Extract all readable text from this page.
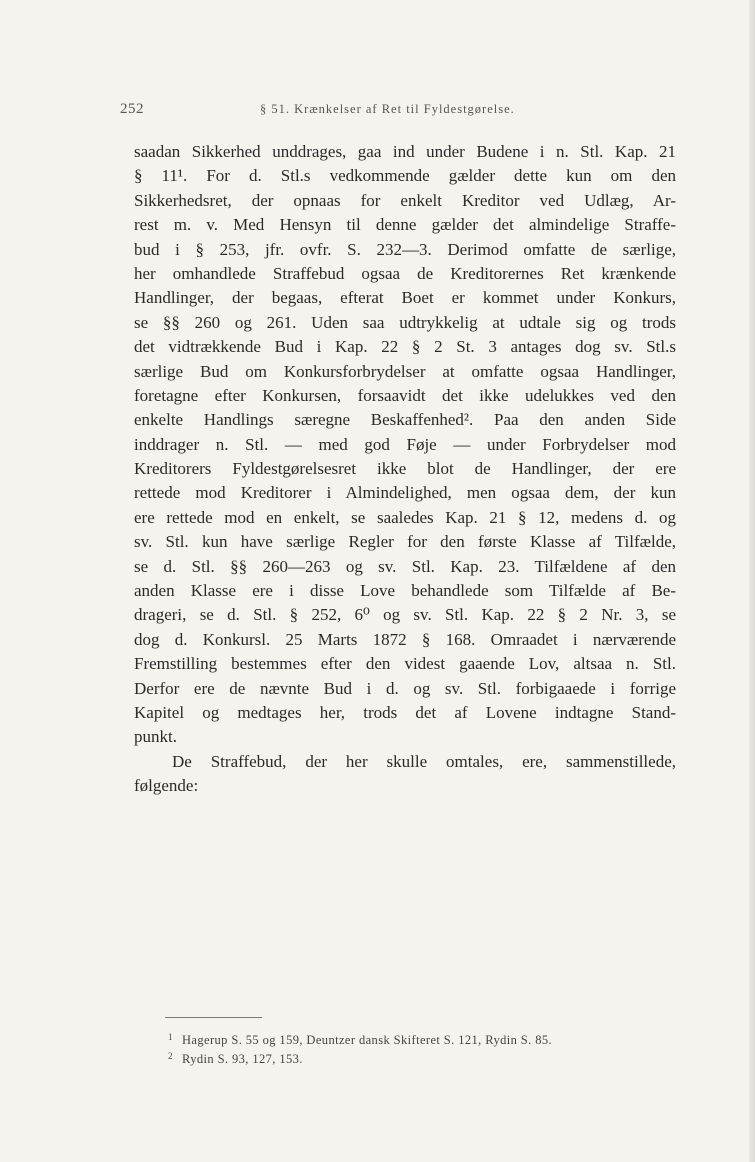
252	§ 51. Krænkelser af Ret til Fyldestgørelse.
saadan Sikkerhed unddrages, gaa ind under Budene i n. Stl. Kap. 21
§ 11¹. For d. Stl.s vedkommende gælder dette kun om den
Sikkerhedsret, der opnaas for enkelt Kreditor ved Udlæg, Ar-
rest m. v. Med Hensyn til denne gælder det almindelige Straffe-
bud i § 253, jfr. ovfr. S. 232—3. Derimod omfatte de særlige,
her omhandlede Straffebud ogsaa de Kreditorernes Ret krænkende
Handlinger, der begaas, efterat Boet er kommet under Konkurs,
se §§ 260 og 261. Uden saa udtrykkelig at udtale sig og trods
det vidtrækkende Bud i Kap. 22 § 2 St. 3 antages dog sv. Stl.s
særlige Bud om Konkursforbrydelser at omfatte ogsaa Handlinger,
foretagne efter Konkursen, forsaavidt det ikke udelukkes ved den
enkelte Handlings særegne Beskaffenhed². Paa den anden Side
inddrager n. Stl. — med god Føje — under Forbrydelser mod
Kreditorers Fyldestgørelsesret ikke blot de Handlinger, der ere
rettede mod Kreditorer i Almindelighed, men ogsaa dem, der kun
ere rettede mod en enkelt, se saaledes Kap. 21 § 12, medens d. og
sv. Stl. kun have særlige Regler for den første Klasse af Tilfælde,
se d. Stl. §§ 260—263 og sv. Stl. Kap. 23. Tilfældene af den
anden Klasse ere i disse Love behandlede som Tilfælde af Be-
drageri, se d. Stl. § 252, 6⁰ og sv. Stl. Kap. 22 § 2 Nr. 3, se
dog d. Konkursl. 25 Marts 1872 § 168. Omraadet i nærværende
Fremstilling bestemmes efter den videst gaaende Lov, altsaa n. Stl.
Derfor ere de nævnte Bud i d. og sv. Stl. forbigaaede i forrige
Kapitel og medtages her, trods det af Lovene indtagne Stand-
punkt.
De Straffebud, der her skulle omtales, ere, sammenstillede,
følgende:
1 Hagerup S. 55 og 159, Deuntzer dansk Skifteret S. 121, Rydin S. 85.
2 Rydin S. 93, 127, 153.
